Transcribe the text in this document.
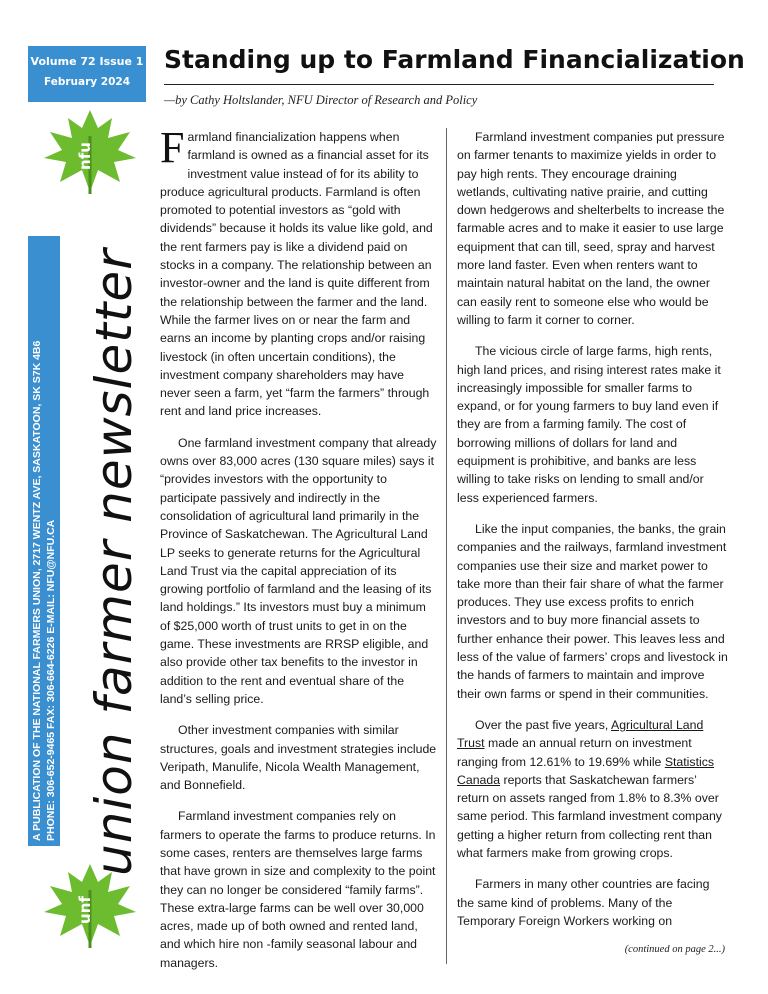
Volume 72 Issue 1
February 2024
nfu
A PUBLICATION OF THE NATIONAL FARMERS UNION, 2717 WENTZ AVE, SASKATOON, SK S7K 4B6 PHONE: 306-652-9465 FAX: 306-664-6226 E-MAIL: NFU@NFU.CA union farmer newsletter
unf
Standing up to Farmland Financialization
—by Cathy Holtslander, NFU Director of Research and Policy

Farmland financialization happens when farmland is owned as a financial asset for its investment value instead of for its ability to produce agricultural products. Farmland is often promoted to potential investors as “gold with dividends” because it holds its value like gold, and the rent farmers pay is like a dividend paid on stocks in a company. The relationship between an investor-owner and the land is quite different from the relationship between the farmer and the land. While the farmer lives on or near the farm and earns an income by planting crops and/or raising livestock (in often uncertain conditions), the investment company shareholders may have never seen a farm, yet “farm the farmers” through rent and land price increases.

One farmland investment company that already owns over 83,000 acres (130 square miles) says it “provides investors with the opportunity to participate passively and indirectly in the consolidation of agricultural land primarily in the Province of Saskatchewan. The Agricultural Land LP seeks to generate returns for the Agricultural Land Trust via the capital appreciation of its growing portfolio of farmland and the leasing of its land holdings.” Its investors must buy a minimum of $25,000 worth of trust units to get in on the game. These investments are RRSP eligible, and also provide other tax benefits to the investor in addition to the rent and eventual share of the land’s selling price.

Other investment companies with similar structures, goals and investment strategies include Veripath, Manulife, Nicola Wealth Management, and Bonnefield.

Farmland investment companies rely on farmers to operate the farms to produce returns. In some cases, renters are themselves large farms that have grown in size and complexity to the point they can no longer be considered “family farms”. These extra-large farms can be well over 30,000 acres, made up of both owned and rented land, and which hire non -family seasonal labour and managers.

Farmland investment companies put pressure on farmer tenants to maximize yields in order to pay high rents. They encourage draining wetlands, cultivating native prairie, and cutting down hedgerows and shelterbelts to increase the farmable acres and to make it easier to use large equipment that can till, seed, spray and harvest more land faster. Even when renters want to maintain natural habitat on the land, the owner can easily rent to someone else who would be willing to farm it corner to corner.

The vicious circle of large farms, high rents, high land prices, and rising interest rates make it increasingly impossible for smaller farms to expand, or for young farmers to buy land even if they are from a farming family. The cost of borrowing millions of dollars for land and equipment is prohibitive, and banks are less willing to take risks on lending to small and/or less experienced farmers.

Like the input companies, the banks, the grain companies and the railways, farmland investment companies use their size and market power to take more than their fair share of what the farmer produces. They use excess profits to enrich investors and to buy more financial assets to further enhance their power. This leaves less and less of the value of farmers’ crops and livestock in the hands of farmers to maintain and improve their own farms or spend in their communities.

Over the past five years, Agricultural Land Trust made an annual return on investment ranging from 12.61% to 19.69% while Statistics Canada reports that Saskatchewan farmers’ return on assets ranged from 1.8% to 8.3% over same period. This farmland investment company getting a higher return from collecting rent than what farmers make from growing crops.

Farmers in many other countries are facing the same kind of problems. Many of the Temporary Foreign Workers working on

(continued on page 2...)
